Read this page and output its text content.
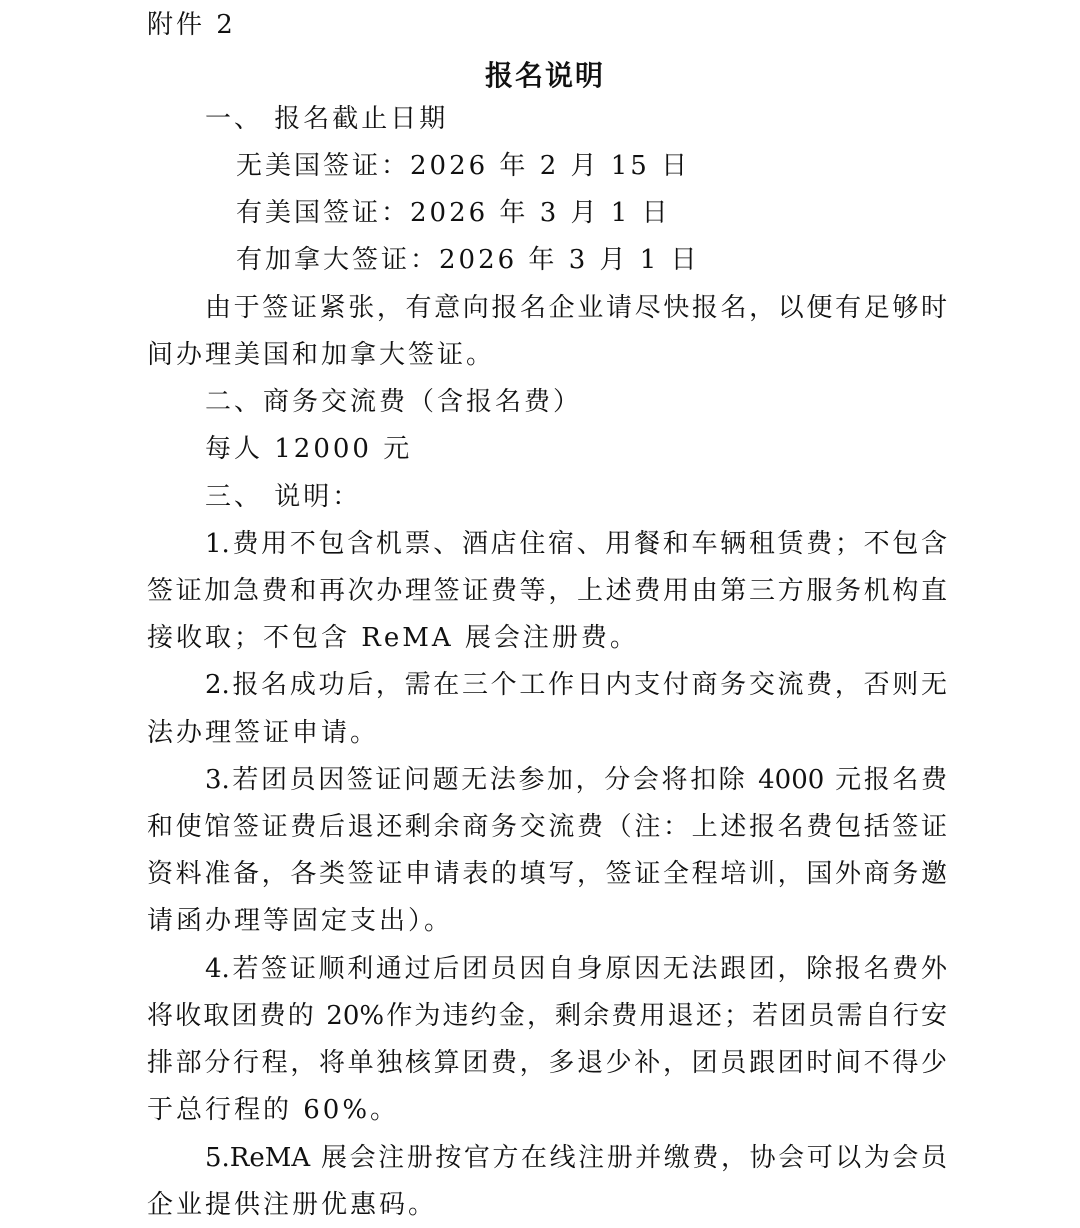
附件 2
报名说明
一、 报名截止日期
无美国签证：2026 年 2 月 15 日
有美国签证：2026 年 3 月 1 日
有加拿大签证：2026 年 3 月 1 日
由于签证紧张，有意向报名企业请尽快报名，以便有足够时
间办理美国和加拿大签证。
二、商务交流费（含报名费）
每人 12000 元
三、 说明：
1.费用不包含机票、酒店住宿、用餐和车辆租赁费；不包含
签证加急费和再次办理签证费等，上述费用由第三方服务机构直
接收取；不包含 ReMA 展会注册费。
2.报名成功后，需在三个工作日内支付商务交流费，否则无
法办理签证申请。
3.若团员因签证问题无法参加，分会将扣除 4000 元报名费
和使馆签证费后退还剩余商务交流费（注：上述报名费包括签证
资料准备，各类签证申请表的填写，签证全程培训，国外商务邀
请函办理等固定支出）。
4.若签证顺利通过后团员因自身原因无法跟团，除报名费外
将收取团费的 20%作为违约金，剩余费用退还；若团员需自行安
排部分行程，将单独核算团费，多退少补，团员跟团时间不得少
于总行程的 60%。
5.ReMA 展会注册按官方在线注册并缴费，协会可以为会员
企业提供注册优惠码。
